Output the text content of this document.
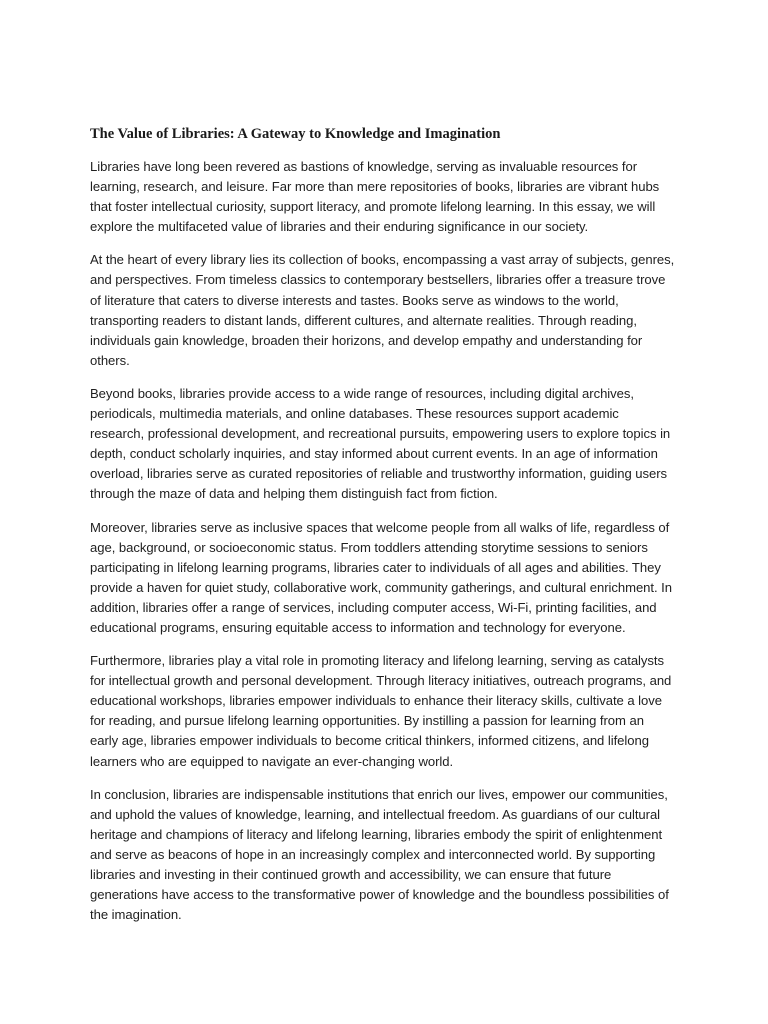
The Value of Libraries: A Gateway to Knowledge and Imagination

Libraries have long been revered as bastions of knowledge, serving as invaluable resources for learning, research, and leisure. Far more than mere repositories of books, libraries are vibrant hubs that foster intellectual curiosity, support literacy, and promote lifelong learning. In this essay, we will explore the multifaceted value of libraries and their enduring significance in our society.

At the heart of every library lies its collection of books, encompassing a vast array of subjects, genres, and perspectives. From timeless classics to contemporary bestsellers, libraries offer a treasure trove of literature that caters to diverse interests and tastes. Books serve as windows to the world, transporting readers to distant lands, different cultures, and alternate realities. Through reading, individuals gain knowledge, broaden their horizons, and develop empathy and understanding for others.

Beyond books, libraries provide access to a wide range of resources, including digital archives, periodicals, multimedia materials, and online databases. These resources support academic research, professional development, and recreational pursuits, empowering users to explore topics in depth, conduct scholarly inquiries, and stay informed about current events. In an age of information overload, libraries serve as curated repositories of reliable and trustworthy information, guiding users through the maze of data and helping them distinguish fact from fiction.

Moreover, libraries serve as inclusive spaces that welcome people from all walks of life, regardless of age, background, or socioeconomic status. From toddlers attending storytime sessions to seniors participating in lifelong learning programs, libraries cater to individuals of all ages and abilities. They provide a haven for quiet study, collaborative work, community gatherings, and cultural enrichment. In addition, libraries offer a range of services, including computer access, Wi-Fi, printing facilities, and educational programs, ensuring equitable access to information and technology for everyone.

Furthermore, libraries play a vital role in promoting literacy and lifelong learning, serving as catalysts for intellectual growth and personal development. Through literacy initiatives, outreach programs, and educational workshops, libraries empower individuals to enhance their literacy skills, cultivate a love for reading, and pursue lifelong learning opportunities. By instilling a passion for learning from an early age, libraries empower individuals to become critical thinkers, informed citizens, and lifelong learners who are equipped to navigate an ever-changing world.

In conclusion, libraries are indispensable institutions that enrich our lives, empower our communities, and uphold the values of knowledge, learning, and intellectual freedom. As guardians of our cultural heritage and champions of literacy and lifelong learning, libraries embody the spirit of enlightenment and serve as beacons of hope in an increasingly complex and interconnected world. By supporting libraries and investing in their continued growth and accessibility, we can ensure that future generations have access to the transformative power of knowledge and the boundless possibilities of the imagination.
